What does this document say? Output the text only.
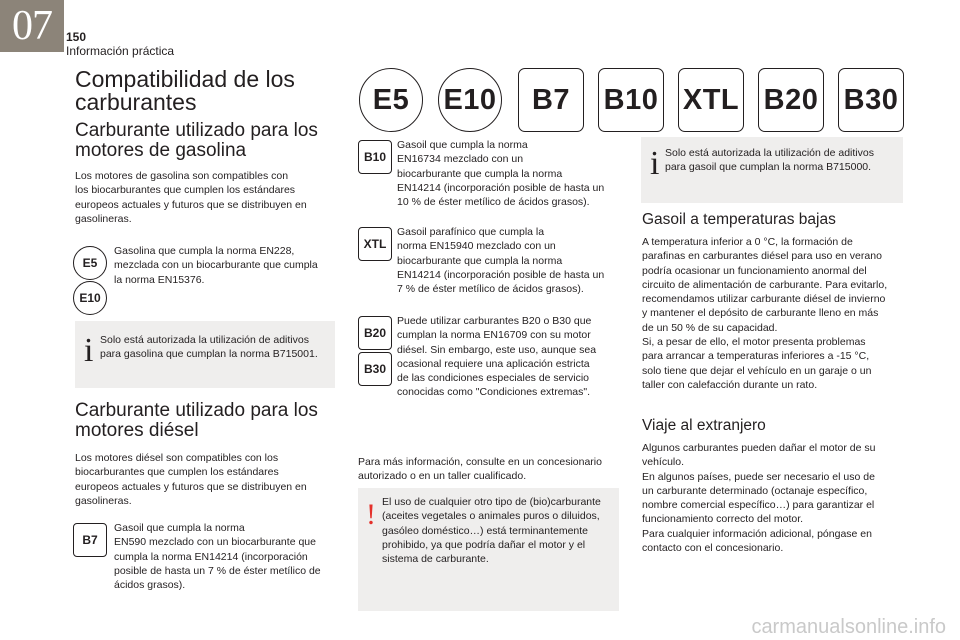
07	150
Información práctica
E5	E10	B7	B10 XTL B20 B30
Compatibilidad de los
carburantes
Carburante utilizado para los
motores de gasolina
Los motores de gasolina son compatibles con
los biocarburantes que cumplen los estándares
europeos actuales y futuros que se distribuyen en
gasolineras.
E5
E10
Gasolina que cumpla la norma EN228,
mezclada con un biocarburante que cumpla
la norma EN15376.
i Solo está autorizada la utilización de aditivos
para gasolina que cumplan la norma B715001.
Carburante utilizado para los
motores diésel
Los motores diésel son compatibles con los
biocarburantes que cumplen los estándares
europeos actuales y futuros que se distribuyen en
gasolineras.
B7
Gasoil que cumpla la norma
EN590 mezclado con un biocarburante que
cumpla la norma EN14214 (incorporación
posible de hasta un 7 % de éster metílico de
ácidos grasos).
B10
Gasoil que cumpla la norma
EN16734 mezclado con un
biocarburante que cumpla la norma
EN14214 (incorporación posible de hasta un
10 % de éster metílico de ácidos grasos).
XTL
Gasoil parafínico que cumpla la
norma EN15940 mezclado con un
biocarburante que cumpla la norma
EN14214 (incorporación posible de hasta un
7 % de éster metílico de ácidos grasos).
B20
B30
Puede utilizar carburantes B20 o B30 que
cumplan la norma EN16709 con su motor
diésel. Sin embargo, este uso, aunque sea
ocasional requiere una aplicación estricta
de las condiciones especiales de servicio
conocidas como "Condiciones extremas".
Para más información, consulte en un concesionario
autorizado o en un taller cualificado.
! El uso de cualquier otro tipo de (bio)carburante
(aceites vegetales o animales puros o diluidos,
gasóleo doméstico…) está terminantemente
prohibido, ya que podría dañar el motor y el
sistema de carburante.
i Solo está autorizada la utilización de aditivos
para gasoil que cumplan la norma B715000.
Gasoil a temperaturas bajas
A temperatura inferior a 0 °C, la formación de
parafinas en carburantes diésel para uso en verano
podría ocasionar un funcionamiento anormal del
circuito de alimentación de carburante. Para evitarlo,
recomendamos utilizar carburante diésel de invierno
y mantener el depósito de carburante lleno en más
de un 50 % de su capacidad.
Si, a pesar de ello, el motor presenta problemas
para arrancar a temperaturas inferiores a -15 °C,
solo tiene que dejar el vehículo en un garaje o un
taller con calefacción durante un rato.
Viaje al extranjero
Algunos carburantes pueden dañar el motor de su
vehículo.
En algunos países, puede ser necesario el uso de
un carburante determinado (octanaje específico,
nombre comercial específico…) para garantizar el
funcionamiento correcto del motor.
Para cualquier información adicional, póngase en
contacto con el concesionario.
carmanualsonline.info
